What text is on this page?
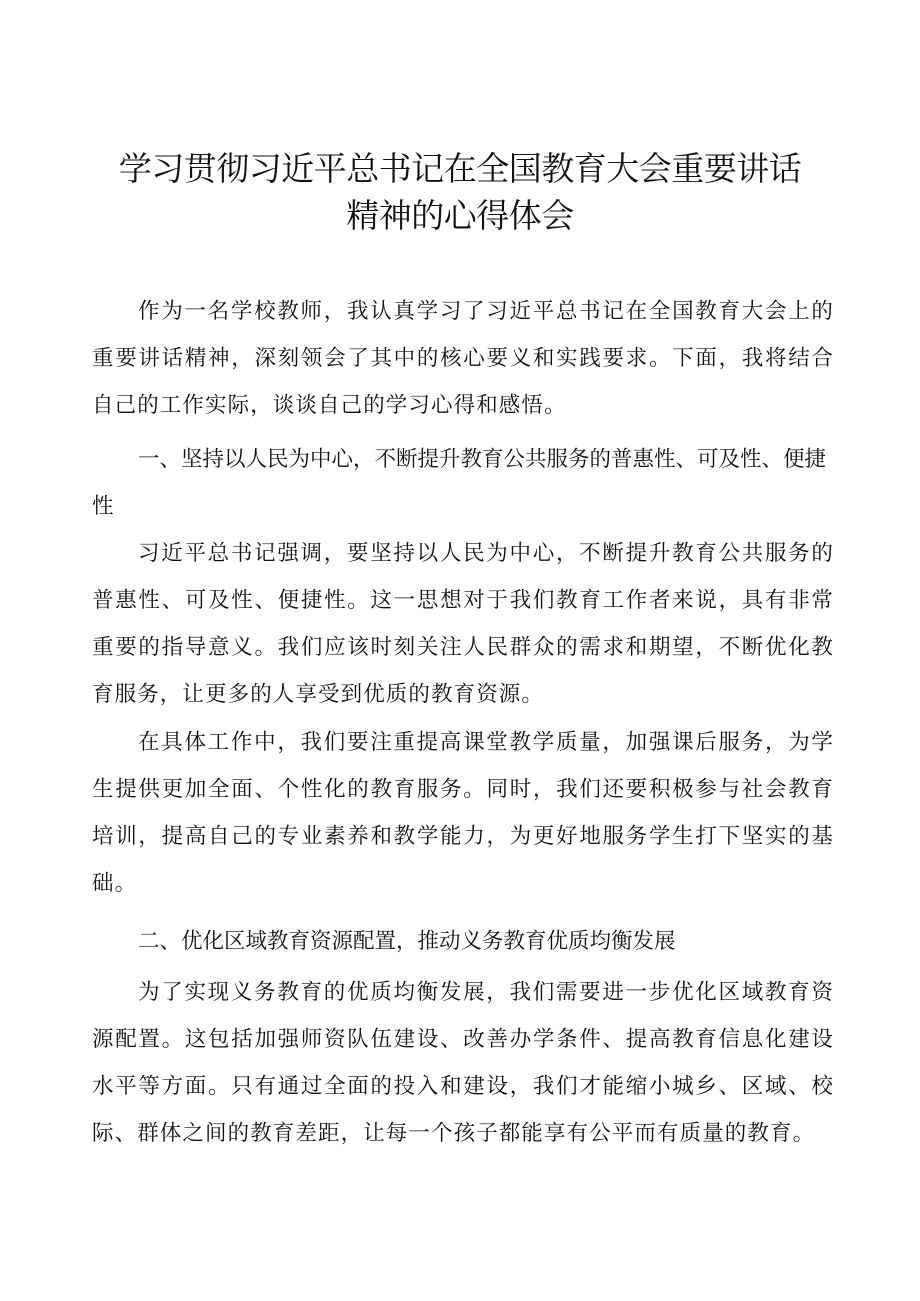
学习贯彻习近平总书记在全国教育大会重要讲话
精神的心得体会

作为一名学校教师，我认真学习了习近平总书记在全国教育大会上的重要讲话精神，深刻领会了其中的核心要义和实践要求。下面，我将结合自己的工作实际，谈谈自己的学习心得和感悟。

一、坚持以人民为中心，不断提升教育公共服务的普惠性、可及性、便捷性

习近平总书记强调，要坚持以人民为中心，不断提升教育公共服务的普惠性、可及性、便捷性。这一思想对于我们教育工作者来说，具有非常重要的指导意义。我们应该时刻关注人民群众的需求和期望，不断优化教育服务，让更多的人享受到优质的教育资源。

在具体工作中，我们要注重提高课堂教学质量，加强课后服务，为学生提供更加全面、个性化的教育服务。同时，我们还要积极参与社会教育培训，提高自己的专业素养和教学能力，为更好地服务学生打下坚实的基础。

二、优化区域教育资源配置，推动义务教育优质均衡发展

为了实现义务教育的优质均衡发展，我们需要进一步优化区域教育资源配置。这包括加强师资队伍建设、改善办学条件、提高教育信息化建设水平等方面。只有通过全面的投入和建设，我们才能缩小城乡、区域、校际、群体之间的教育差距，让每一个孩子都能享有公平而有质量的教育。
